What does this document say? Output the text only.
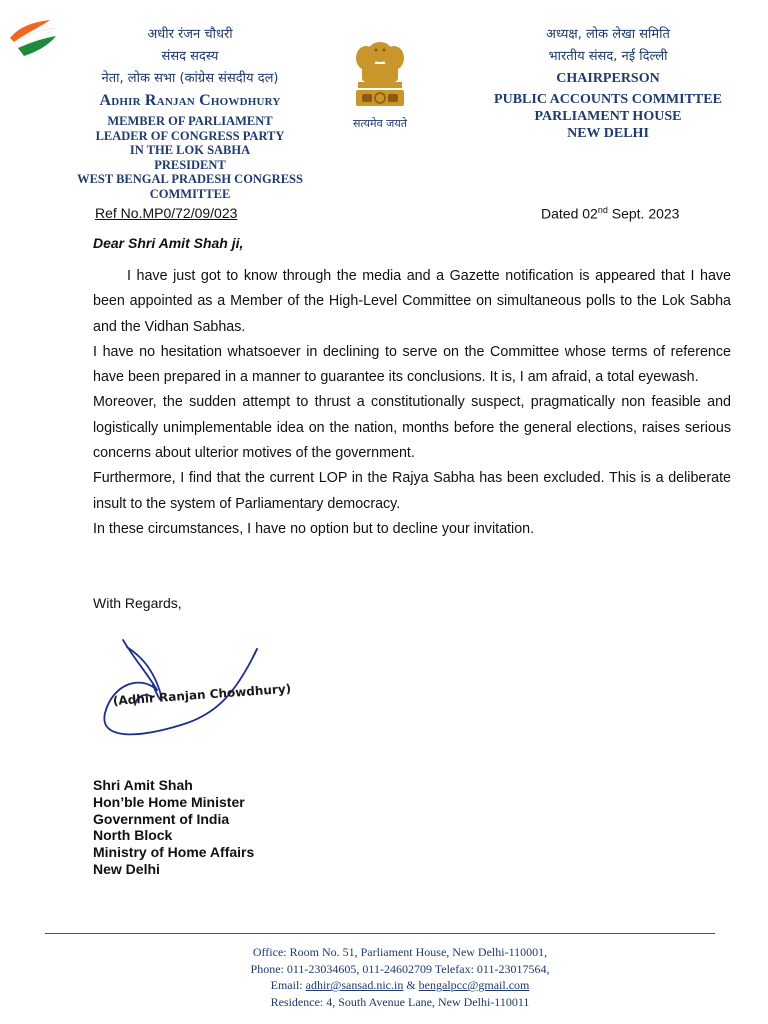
अधीर रंजन चौधरी
संसद सदस्य
नेता, लोक सभा (कांग्रेस संसदीय दल)
Adhir Ranjan Chowdhury
MEMBER OF PARLIAMENT
LEADER OF CONGRESS PARTY
IN THE LOK SABHA
PRESIDENT
WEST BENGAL PRADESH CONGRESS COMMITTEE
सत्यमेव जयते
अध्यक्ष, लोक लेखा समिति
भारतीय संसद, नई दिल्ली
CHAIRPERSON
PUBLIC ACCOUNTS COMMITTEE
PARLIAMENT HOUSE
NEW DELHI
Ref No.MP0/72/09/023	Dated 02nd Sept. 2023
Dear Shri Amit Shah ji,

I have just got to know through the media and a Gazette notification is appeared that I have been appointed as a Member of the High-Level Committee on simultaneous polls to the Lok Sabha and the Vidhan Sabhas.

I have no hesitation whatsoever in declining to serve on the Committee whose terms of reference have been prepared in a manner to guarantee its conclusions. It is, I am afraid, a total eyewash.

Moreover, the sudden attempt to thrust a constitutionally suspect, pragmatically non feasible and logistically unimplementable idea on the nation, months before the general elections, raises serious concerns about ulterior motives of the government.

Furthermore, I find that the current LOP in the Rajya Sabha has been excluded. This is a deliberate insult to the system of Parliamentary democracy.

In these circumstances, I have no option but to decline your invitation.

With Regards,
(Adhir Ranjan Chowdhury)
Shri Amit Shah
Hon’ble Home Minister
Government of India
North Block
Ministry of Home Affairs
New Delhi
Office: Room No. 51, Parliament House, New Delhi-110001,
Phone: 011-23034605, 011-24602709 Telefax: 011-23017564,
Email: adhir@sansad.nic.in & bengalpcc@gmail.com
Residence: 4, South Avenue Lane, New Delhi-110011
